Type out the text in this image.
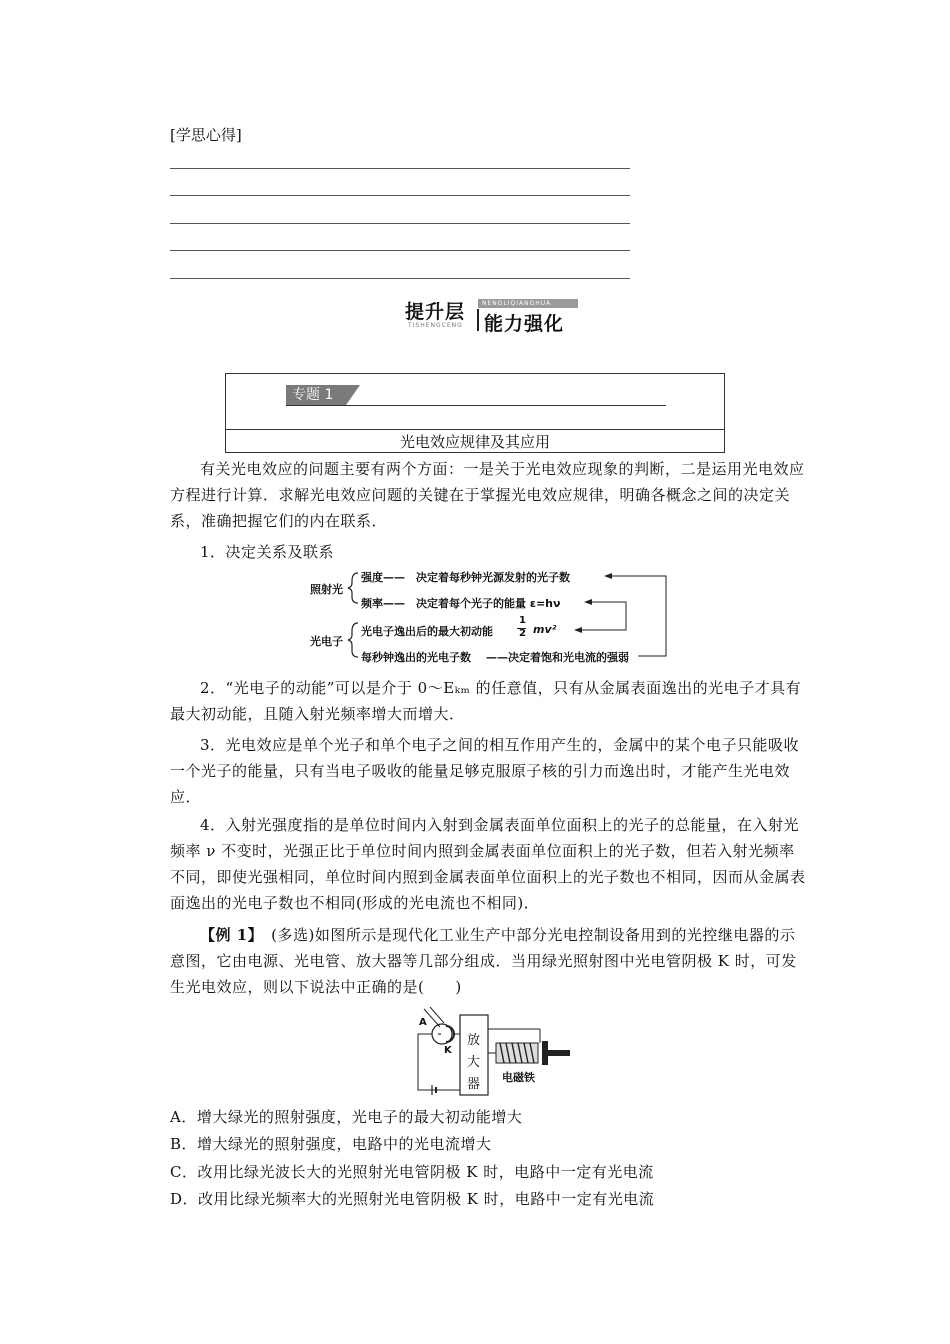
[学思心得]
提升层
TISHENGCENG
NENGLIQIANGHUA
能力强化
专题 1
光电效应规律及其应用
有关光电效应的问题主要有两个方面：一是关于光电效应现象的判断，二是运用光电效应方程进行计算．求解光电效应问题的关键在于掌握光电效应规律，明确各概念之间的决定关系，准确把握它们的内在联系．
1．决定关系及联系
照射光
强度—— 决定着每秒钟光源发射的光子数
频率—— 决定着每个光子的能量 ε=hν
光电子
光电子逸出后的最大初动能
1
2 mv²
每秒钟逸出的光电子数 ——决定着饱和光电流的强弱
2．“光电子的动能”可以是介于 0～Eₖₘ 的任意值，只有从金属表面逸出的光电子才具有最大初动能，且随入射光频率增大而增大．
3．光电效应是单个光子和单个电子之间的相互作用产生的，金属中的某个电子只能吸收一个光子的能量，只有当电子吸收的能量足够克服原子核的引力而逸出时，才能产生光电效应．
4．入射光强度指的是单位时间内入射到金属表面单位面积上的光子的总能量，在入射光频率 ν 不变时，光强正比于单位时间内照到金属表面单位面积上的光子数，但若入射光频率不同，即使光强相同，单位时间内照到金属表面单位面积上的光子数也不相同，因而从金属表面逸出的光电子数也不相同(形成的光电流也不相同)．
【例 1】　(多选)如图所示是现代化工业生产中部分光电控制设备用到的光控继电器的示意图，它由电源、光电管、放大器等几部分组成．当用绿光照射图中光电管阴极 K 时，可发生光电效应，则以下说法中正确的是(　　)
A
K
放
大
器 电磁铁
A．增大绿光的照射强度，光电子的最大初动能增大
B．增大绿光的照射强度，电路中的光电流增大
C．改用比绿光波长大的光照射光电管阴极 K 时，电路中一定有光电流
D．改用比绿光频率大的光照射光电管阴极 K 时，电路中一定有光电流
